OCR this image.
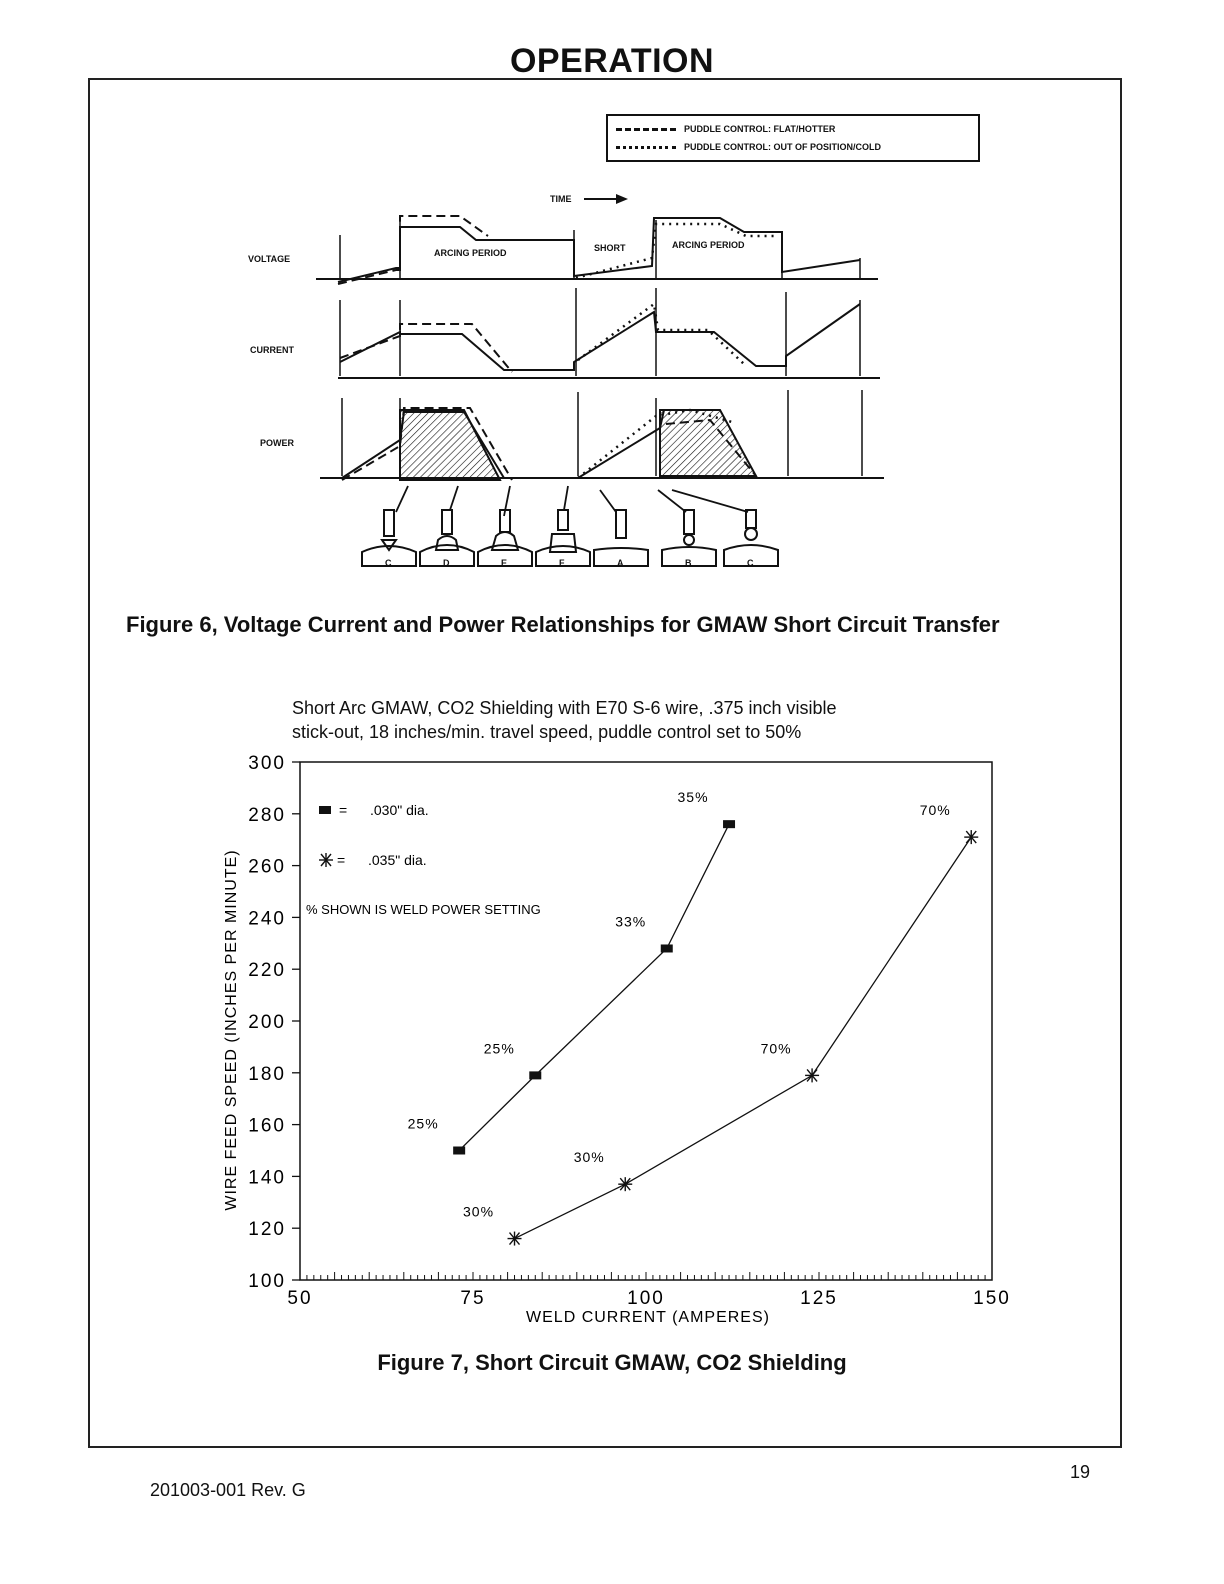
OPERATION
PUDDLE CONTROL: FLAT/HOTTER
PUDDLE CONTROL: OUT OF POSITION/COLD
TIME
VOLTAGE
CURRENT
POWER
ARCING PERIOD	SHORT	ARCING PERIOD
C	D	E	F	A	B	C
Figure 6, Voltage Current and Power Relationships for GMAW Short Circuit Transfer
Short Arc GMAW, CO2 Shielding with E70 S-6 wire, .375 inch visible
stick-out, 18 inches/min. travel speed, puddle control set to 50%
100
120
140
160
180
200
220
240
260
280
300
50	75	100	125	150
25%
25%
33%
35%
30%
30%
70%
70%
WELD CURRENT (AMPERES)
WIRE FEED SPEED (INCHES PER MINUTE)
= .030" dia.
= .035" dia.
% SHOWN IS WELD POWER SETTING
Figure 7, Short Circuit GMAW, CO2 Shielding
201003-001 Rev. G
19
